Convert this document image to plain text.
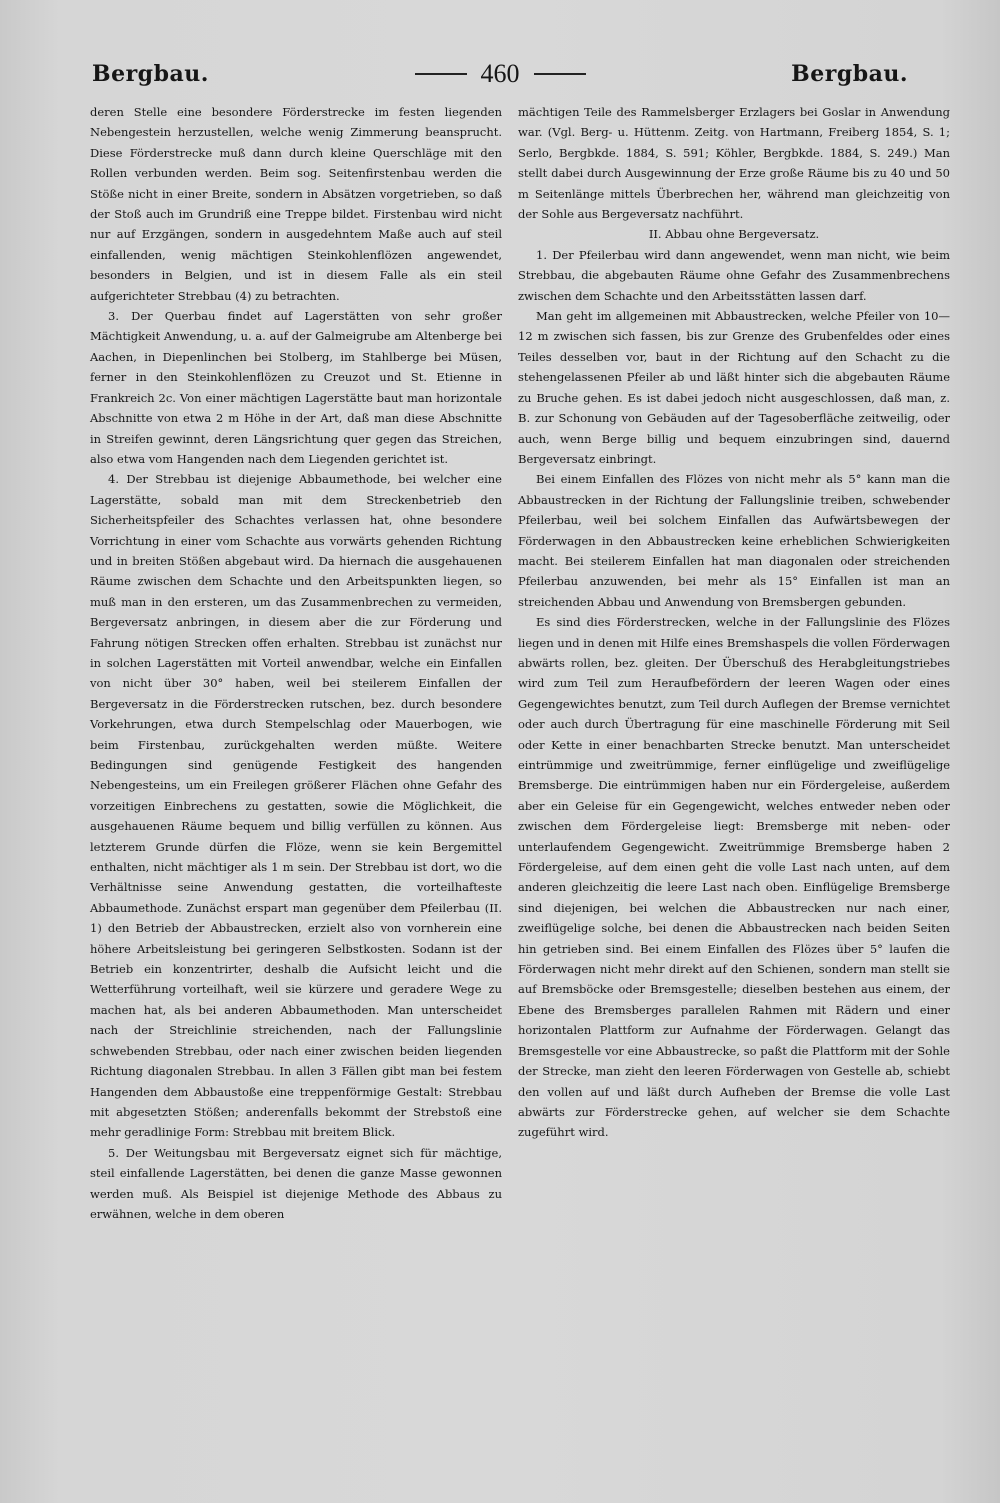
Bergbau.	460	Bergbau.

deren Stelle eine besondere Förderstrecke im festen liegenden Nebengestein herzustellen, welche wenig Zimmerung beansprucht. Diese Förderstrecke muß dann durch kleine Querschläge mit den Rollen verbunden werden. Beim sog. Seitenfirstenbau werden die Stöße nicht in einer Breite, sondern in Absätzen vorgetrieben, so daß der Stoß auch im Grundriß eine Treppe bildet. Firstenbau wird nicht nur auf Erzgängen, sondern in ausgedehntem Maße auch auf steil einfallenden, wenig mächtigen Steinkohlenflözen angewendet, besonders in Belgien, und ist in diesem Falle als ein steil aufgerichteter Strebbau (4) zu betrachten.

3. Der Querbau findet auf Lagerstätten von sehr großer Mächtigkeit Anwendung, u. a. auf der Galmeigrube am Altenberge bei Aachen, in Diepenlinchen bei Stolberg, im Stahlberge bei Müsen, ferner in den Steinkohlenflözen zu Creuzot und St. Etienne in Frankreich 2c. Von einer mächtigen Lagerstätte baut man horizontale Abschnitte von etwa 2 m Höhe in der Art, daß man diese Abschnitte in Streifen gewinnt, deren Längsrichtung quer gegen das Streichen, also etwa vom Hangenden nach dem Liegenden gerichtet ist.

4. Der Strebbau ist diejenige Abbaumethode, bei welcher eine Lagerstätte, sobald man mit dem Streckenbetrieb den Sicherheitspfeiler des Schachtes verlassen hat, ohne besondere Vorrichtung in einer vom Schachte aus vorwärts gehenden Richtung und in breiten Stößen abgebaut wird. Da hiernach die ausgehauenen Räume zwischen dem Schachte und den Arbeitspunkten liegen, so muß man in den ersteren, um das Zusammenbrechen zu vermeiden, Bergeversatz anbringen, in diesem aber die zur Förderung und Fahrung nötigen Strecken offen erhalten. Strebbau ist zunächst nur in solchen Lagerstätten mit Vorteil anwendbar, welche ein Einfallen von nicht über 30° haben, weil bei steilerem Einfallen der Bergeversatz in die Förderstrecken rutschen, bez. durch besondere Vorkehrungen, etwa durch Stempelschlag oder Mauerbogen, wie beim Firstenbau, zurückgehalten werden müßte. Weitere Bedingungen sind genügende Festigkeit des hangenden Nebengesteins, um ein Freilegen größerer Flächen ohne Gefahr des vorzeitigen Einbrechens zu gestatten, sowie die Möglichkeit, die ausgehauenen Räume bequem und billig verfüllen zu können. Aus letzterem Grunde dürfen die Flöze, wenn sie kein Bergemittel enthalten, nicht mächtiger als 1 m sein. Der Strebbau ist dort, wo die Verhältnisse seine Anwendung gestatten, die vorteilhafteste Abbaumethode. Zunächst erspart man gegenüber dem Pfeilerbau (II. 1) den Betrieb der Abbaustrecken, erzielt also von vornherein eine höhere Arbeitsleistung bei geringeren Selbstkosten. Sodann ist der Betrieb ein konzentrirter, deshalb die Aufsicht leicht und die Wetterführung vorteilhaft, weil sie kürzere und geradere Wege zu machen hat, als bei anderen Abbaumethoden. Man unterscheidet nach der Streichlinie streichenden, nach der Fallungslinie schwebenden Strebbau, oder nach einer zwischen beiden liegenden Richtung diagonalen Strebbau. In allen 3 Fällen gibt man bei festem Hangenden dem Abbaustoße eine treppenförmige Gestalt: Strebbau mit abgesetzten Stößen; anderenfalls bekommt der Strebstoß eine mehr geradlinige Form: Strebbau mit breitem Blick.

5. Der Weitungsbau mit Bergeversatz eignet sich für mächtige, steil einfallende Lagerstätten, bei denen die ganze Masse gewonnen werden muß. Als Beispiel ist diejenige Methode des Abbaus zu erwähnen, welche in dem oberen

mächtigen Teile des Rammelsberger Erzlagers bei Goslar in Anwendung war. (Vgl. Berg- u. Hüttenm. Zeitg. von Hartmann, Freiberg 1854, S. 1; Serlo, Bergbkde. 1884, S. 591; Köhler, Bergbkde. 1884, S. 249.) Man stellt dabei durch Ausgewinnung der Erze große Räume bis zu 40 und 50 m Seitenlänge mittels Überbrechen her, während man gleichzeitig von der Sohle aus Bergeversatz nachführt.

II. Abbau ohne Bergeversatz.

1. Der Pfeilerbau wird dann angewendet, wenn man nicht, wie beim Strebbau, die abgebauten Räume ohne Gefahr des Zusammenbrechens zwischen dem Schachte und den Arbeitsstätten lassen darf.

Man geht im allgemeinen mit Abbaustrecken, welche Pfeiler von 10—12 m zwischen sich fassen, bis zur Grenze des Grubenfeldes oder eines Teiles desselben vor, baut in der Richtung auf den Schacht zu die stehengelassenen Pfeiler ab und läßt hinter sich die abgebauten Räume zu Bruche gehen. Es ist dabei jedoch nicht ausgeschlossen, daß man, z. B. zur Schonung von Gebäuden auf der Tagesoberfläche zeitweilig, oder auch, wenn Berge billig und bequem einzubringen sind, dauernd Bergeversatz einbringt.

Bei einem Einfallen des Flözes von nicht mehr als 5° kann man die Abbaustrecken in der Richtung der Fallungslinie treiben, schwebender Pfeilerbau, weil bei solchem Einfallen das Aufwärtsbewegen der Förderwagen in den Abbaustrecken keine erheblichen Schwierigkeiten macht. Bei steilerem Einfallen hat man diagonalen oder streichenden Pfeilerbau anzuwenden, bei mehr als 15° Einfallen ist man an streichenden Abbau und Anwendung von Bremsbergen gebunden.

Es sind dies Förderstrecken, welche in der Fallungslinie des Flözes liegen und in denen mit Hilfe eines Bremshaspels die vollen Förderwagen abwärts rollen, bez. gleiten. Der Überschuß des Herabgleitungstriebes wird zum Teil zum Heraufbefördern der leeren Wagen oder eines Gegengewichtes benutzt, zum Teil durch Auflegen der Bremse vernichtet oder auch durch Übertragung für eine maschinelle Förderung mit Seil oder Kette in einer benachbarten Strecke benutzt. Man unterscheidet eintrümmige und zweitrümmige, ferner einflügelige und zweiflügelige Bremsberge. Die eintrümmigen haben nur ein Fördergeleise, außerdem aber ein Geleise für ein Gegengewicht, welches entweder neben oder zwischen dem Fördergeleise liegt: Bremsberge mit neben- oder unterlaufendem Gegengewicht. Zweitrümmige Bremsberge haben 2 Fördergeleise, auf dem einen geht die volle Last nach unten, auf dem anderen gleichzeitig die leere Last nach oben. Einflügelige Bremsberge sind diejenigen, bei welchen die Abbaustrecken nur nach einer, zweiflügelige solche, bei denen die Abbaustrecken nach beiden Seiten hin getrieben sind. Bei einem Einfallen des Flözes über 5° laufen die Förderwagen nicht mehr direkt auf den Schienen, sondern man stellt sie auf Bremsböcke oder Bremsgestelle; dieselben bestehen aus einem, der Ebene des Bremsberges parallelen Rahmen mit Rädern und einer horizontalen Plattform zur Aufnahme der Förderwagen. Gelangt das Bremsgestelle vor eine Abbaustrecke, so paßt die Plattform mit der Sohle der Strecke, man zieht den leeren Förderwagen von Gestelle ab, schiebt den vollen auf und läßt durch Aufheben der Bremse die volle Last abwärts zur Förderstrecke gehen, auf welcher sie dem Schachte zugeführt wird.
